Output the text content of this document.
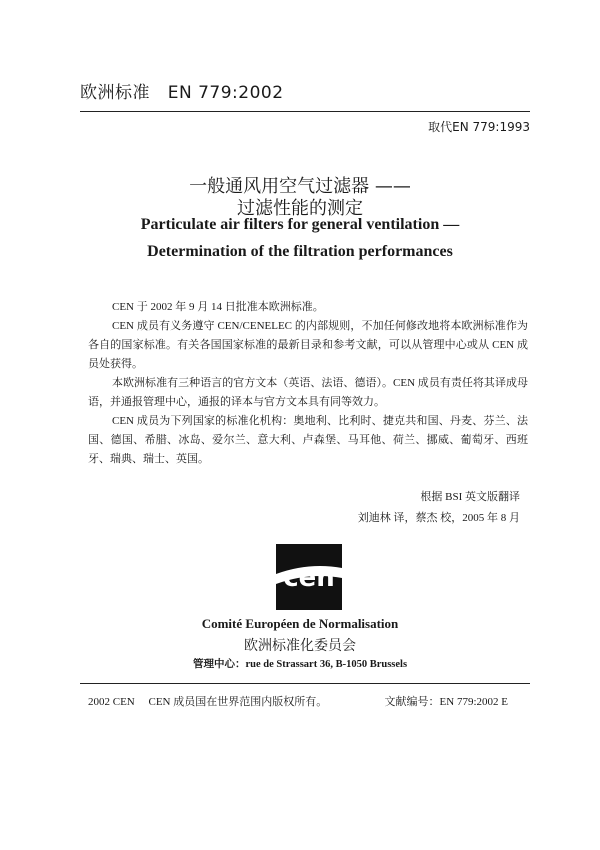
欧洲标准 EN 779:2002
取代EN 779:1993
一般通风用空气过滤器 ——
过滤性能的测定
Particulate air filters for general ventilation —
Determination of the filtration performances

CEN 于 2002 年 9 月 14 日批准本欧洲标准。

CEN 成员有义务遵守 CEN/CENELEC 的内部规则，不加任何修改地将本欧洲标准作为各自的国家标准。有关各国国家标准的最新目录和参考文献，可以从管理中心或从 CEN 成员处获得。

本欧洲标准有三种语言的官方文本（英语、法语、德语）。CEN 成员有责任将其译成母语，并通报管理中心，通报的译本与官方文本具有同等效力。

CEN 成员为下列国家的标准化机构：奥地利、比利时、捷克共和国、丹麦、芬兰、法国、德国、希腊、冰岛、爱尔兰、意大利、卢森堡、马耳他、荷兰、挪威、葡萄牙、西班牙、瑞典、瑞士、英国。

根据 BSI 英文版翻译
刘迪林 译，蔡杰 校，2005 年 8 月
cen
Comité Européen de Normalisation
欧洲标准化委员会
管理中心：rue de Strassart 36, B-1050 Brussels
2002 CEN     CEN 成员国在世界范围内版权所有。	文献编号：EN 779:2002 E
